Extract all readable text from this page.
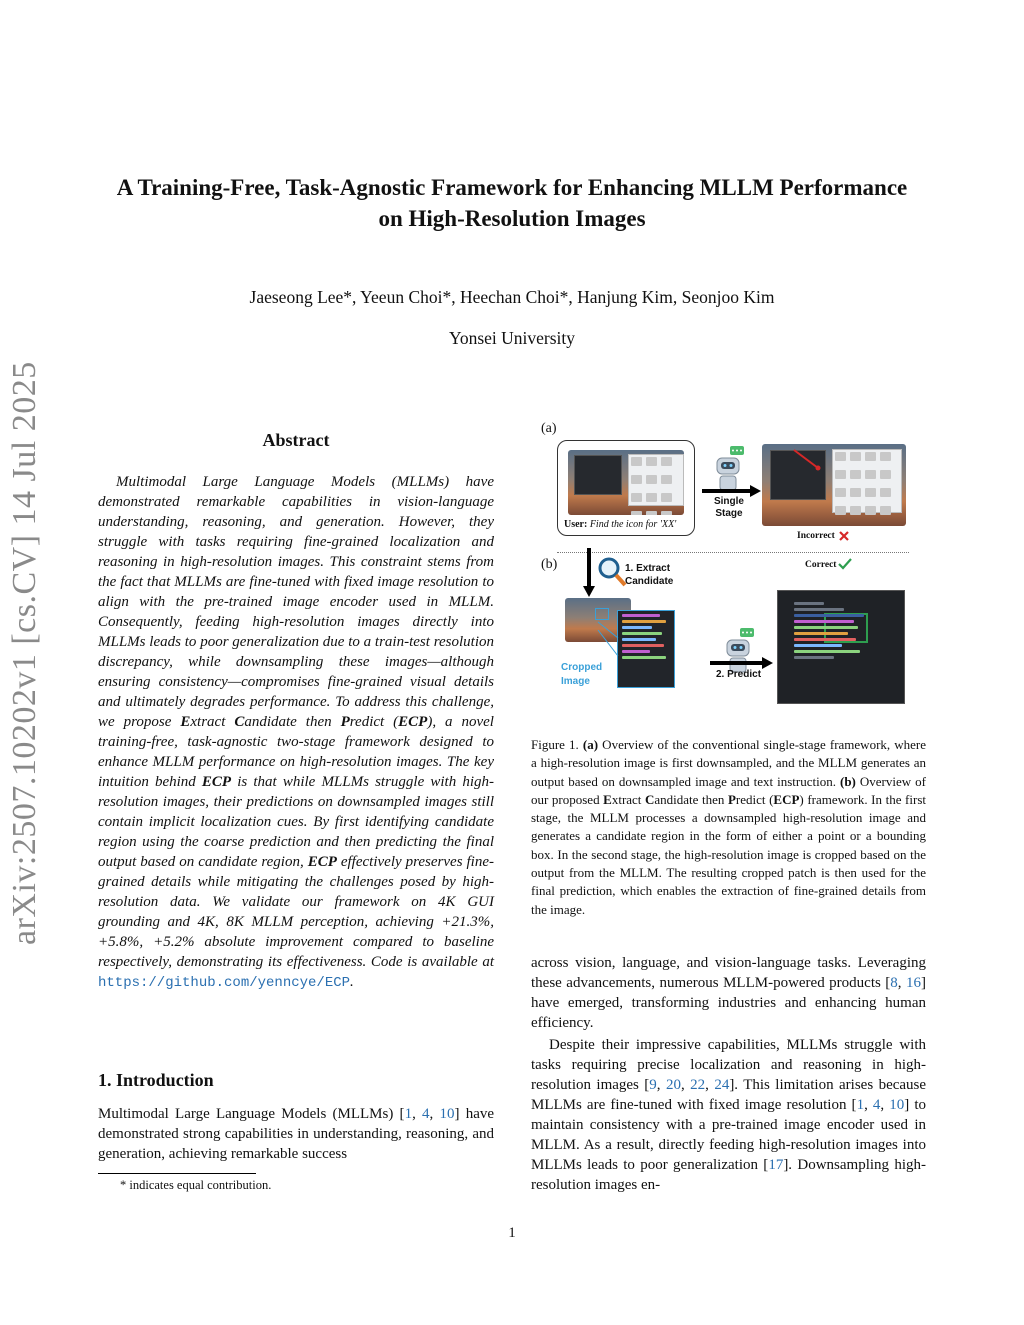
A Training-Free, Task-Agnostic Framework for Enhancing MLLM Performance
on High-Resolution Images
Jaeseong Lee*, Yeeun Choi*, Heechan Choi*, Hanjung Kim, Seonjoo Kim
Yonsei University
arXiv:2507.10202v1 [cs.CV] 14 Jul 2025	Abstract
Multimodal Large Language Models (MLLMs) have demonstrated remarkable capabilities in vision-language understanding, reasoning, and generation. However, they struggle with tasks requiring fine-grained localization and reasoning in high-resolution images. This constraint stems from the fact that MLLMs are fine-tuned with fixed image resolution to align with the pre-trained image encoder used in MLLM. Consequently, feeding high-resolution images directly into MLLMs leads to poor generalization due to a train-test resolution discrepancy, while downsampling these images—although ensuring consistency—compromises fine-grained visual details and ultimately degrades performance. To address this challenge, we propose Extract Candidate then Predict (ECP), a novel training-free, task-agnostic two-stage framework designed to enhance MLLM performance on high-resolution images. The key intuition behind ECP is that while MLLMs struggle with high-resolution images, their predictions on downsampled images still contain implicit localization cues. By first identifying candidate region using the coarse prediction and then predicting the final output based on candidate region, ECP effectively preserves fine-grained details while mitigating the challenges posed by high-resolution data. We validate our framework on 4K GUI grounding and 4K, 8K MLLM perception, achieving +21.3%, +5.8%, +5.2% absolute improvement compared to baseline respectively, demonstrating its effectiveness. Code is available at https://github.com/yenncye/ECP.
1. Introduction
Multimodal Large Language Models (MLLMs) [1, 4, 10] have demonstrated strong capabilities in understanding, reasoning, and generation, achieving remarkable success
* indicates equal contribution.
(a)
(b)
User: Find the icon for 'XX'
Single
Stage
Incorrect
1. Extract
Candidate
Cropped
Image
2. Predict
Correct
Figure 1. (a) Overview of the conventional single-stage framework, where a high-resolution image is first downsampled, and the MLLM generates an output based on downsampled image and text instruction. (b) Overview of our proposed Extract Candidate then Predict (ECP) framework. In the first stage, the MLLM processes a downsampled high-resolution image and generates a candidate region in the form of either a point or a bounding box. In the second stage, the high-resolution image is cropped based on the output from the MLLM. The resulting cropped patch is then used for the final prediction, which enables the extraction of fine-grained details from the image.
across vision, language, and vision-language tasks. Leveraging these advancements, numerous MLLM-powered products [8, 16] have emerged, transforming industries and enhancing human efficiency.
Despite their impressive capabilities, MLLMs struggle with tasks requiring precise localization and reasoning in high-resolution images [9, 20, 22, 24]. This limitation arises because MLLMs are fine-tuned with fixed image resolution [1, 4, 10] to maintain consistency with a pre-trained image encoder used in MLLM. As a result, directly feeding high-resolution images into MLLMs leads to poor generalization [17]. Downsampling high-resolution images en-
1
